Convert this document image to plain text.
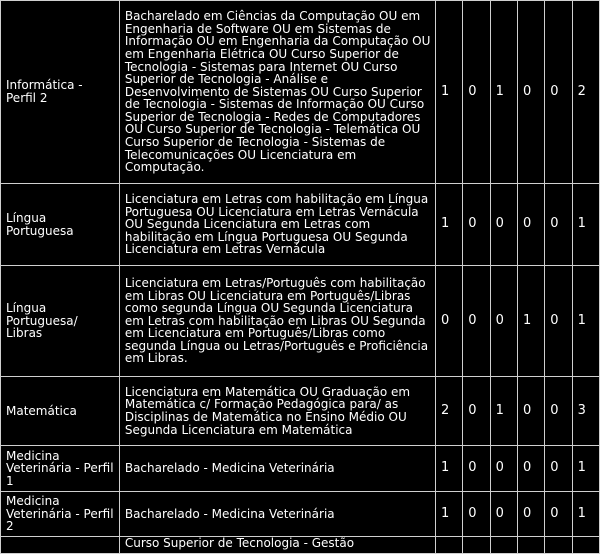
Informática - Perfil 2	Bacharelado em Ciências da Computação OU em Engenharia de Software OU em Sistemas de Informação OU em Engenharia da Computação OU em Engenharia Elétrica OU Curso Superior de Tecnologia - Sistemas para Internet OU Curso Superior de Tecnologia - Análise e Desenvolvimento de Sistemas OU Curso Superior de Tecnologia - Sistemas de Informação OU Curso Superior de Tecnologia - Redes de Computadores OU Curso Superior de Tecnologia - Telemática OU Curso Superior de Tecnologia - Sistemas de Telecomunicações OU Licenciatura em Computação.	1	0	1	0	0	2
Língua Portuguesa	Licenciatura em Letras com habilitação em Língua Portuguesa OU Licenciatura em Letras Vernácula OU Segunda Licenciatura em Letras com habilitação em Língua Portuguesa OU Segunda Licenciatura em Letras Vernácula	1	0	0	0	0	1
Língua Portuguesa/ Libras	Licenciatura em Letras/Português com habilitação em Libras OU Licenciatura em Português/Libras como segunda Língua OU Segunda Licenciatura em Letras com habilitação em Libras OU Segunda em Licenciatura em Português/Libras como segunda Língua ou Letras/Português e Proficiência em Libras.	0	0	0	1	0	1
Matemática	Licenciatura em Matemática OU Graduação em Matemática c/ Formação Pedagógica para/ as Disciplinas de Matemática no Ensino Médio OU Segunda Licenciatura em Matemática	2	0	1	0	0	3
Medicina Veterinária - Perfil 1	Bacharelado - Medicina Veterinária	1	0	0	0	0	1
Medicina Veterinária - Perfil 2	Bacharelado - Medicina Veterinária	1	0	0	0	0	1
	Curso Superior de Tecnologia - Gestão						
